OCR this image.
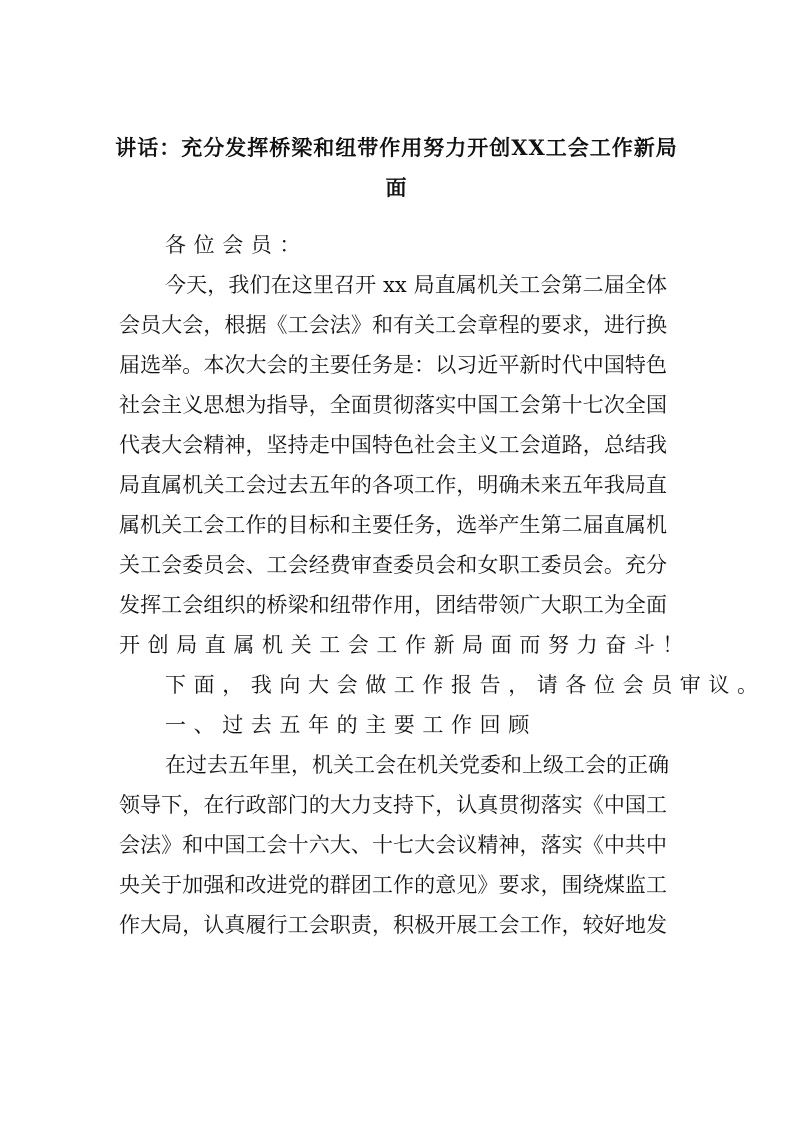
讲话：充分发挥桥梁和纽带作用努力开创XX工会工作新局
面
各位会员：
今天，我们在这里召开 xx 局直属机关工会第二届全体
会员大会，根据《工会法》和有关工会章程的要求，进行换
届选举。本次大会的主要任务是：以习近平新时代中国特色
社会主义思想为指导，全面贯彻落实中国工会第十七次全国
代表大会精神，坚持走中国特色社会主义工会道路，总结我
局直属机关工会过去五年的各项工作，明确未来五年我局直
属机关工会工作的目标和主要任务，选举产生第二届直属机
关工会委员会、工会经费审查委员会和女职工委员会。充分
发挥工会组织的桥梁和纽带作用，团结带领广大职工为全面
开创局直属机关工会工作新局面而努力奋斗！
下面，我向大会做工作报告，请各位会员审议。
一、过去五年的主要工作回顾
在过去五年里，机关工会在机关党委和上级工会的正确
领导下，在行政部门的大力支持下，认真贯彻落实《中国工
会法》和中国工会十六大、十七大会议精神，落实《中共中
央关于加强和改进党的群团工作的意见》要求，围绕煤监工
作大局，认真履行工会职责，积极开展工会工作，较好地发
